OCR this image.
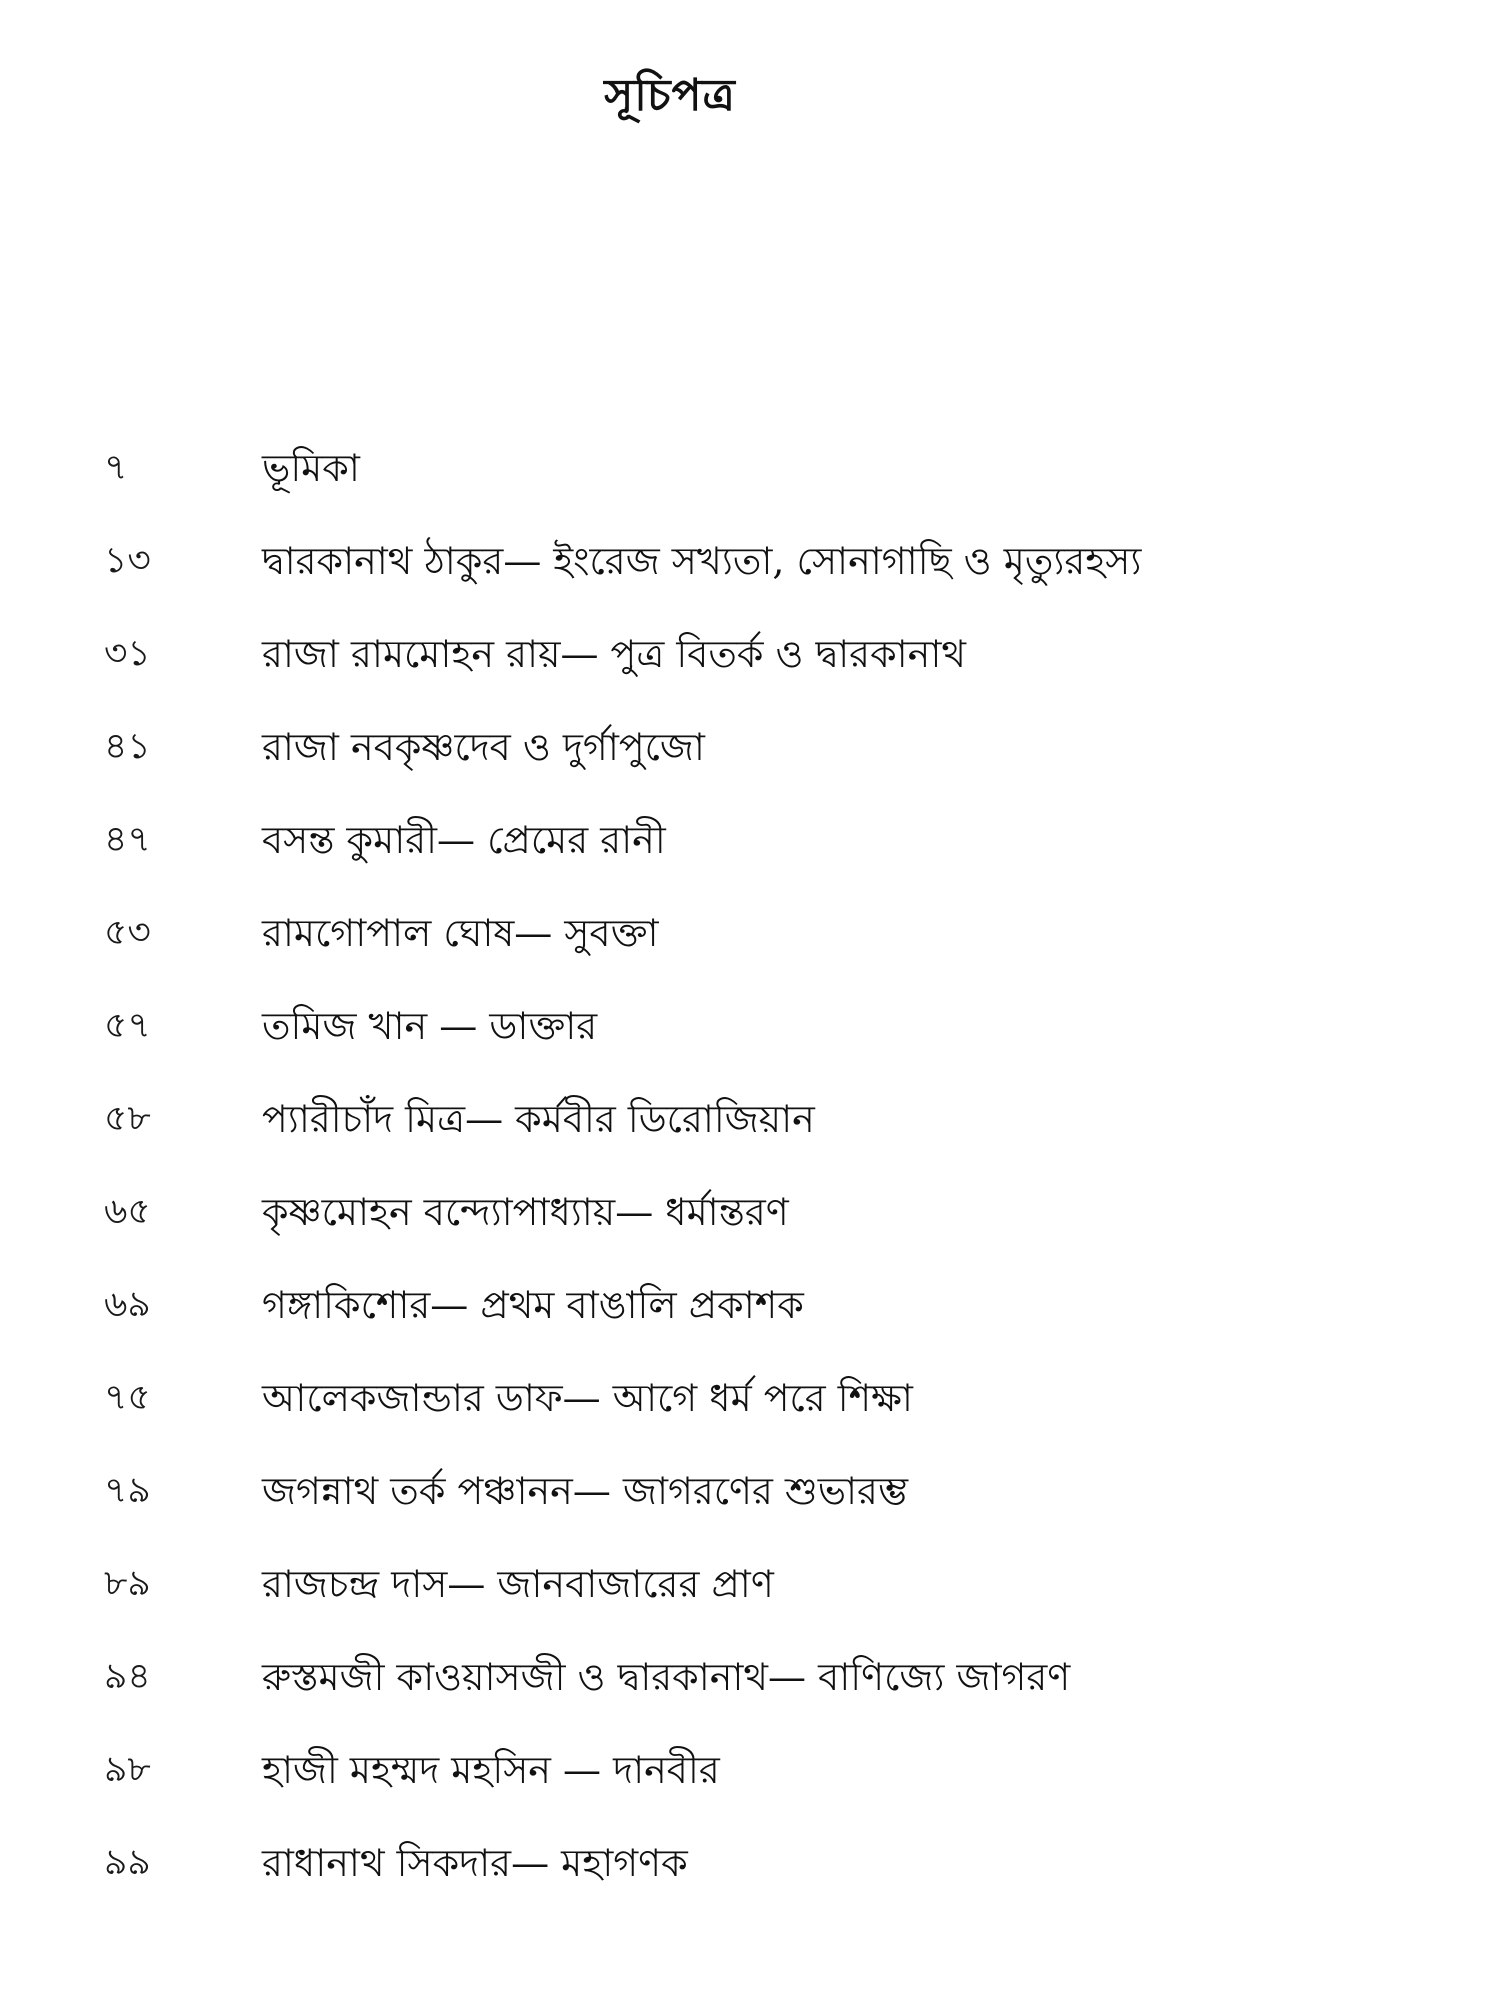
সূচিপত্র
৭	ভূমিকা
১৩	দ্বারকানাথ ঠাকুর— ইংরেজ সখ্যতা, সোনাগাছি ও মৃত্যুরহস্য
৩১	রাজা রামমোহন রায়— পুত্র বিতর্ক ও দ্বারকানাথ
৪১	রাজা নবকৃষ্ণদেব ও দুর্গাপুজো
৪৭	বসন্ত কুমারী— প্রেমের রানী
৫৩	রামগোপাল ঘোষ— সুবক্তা
৫৭	তমিজ খান — ডাক্তার
৫৮	প্যারীচাঁদ মিত্র— কর্মবীর ডিরোজিয়ান
৬৫	কৃষ্ণমোহন বন্দ্যোপাধ্যায়— ধর্মান্তরণ
৬৯	গঙ্গাকিশোর— প্রথম বাঙালি প্রকাশক
৭৫	আলেকজান্ডার ডাফ— আগে ধর্ম পরে শিক্ষা
৭৯	জগন্নাথ তর্ক পঞ্চানন— জাগরণের শুভারম্ভ
৮৯	রাজচন্দ্র দাস— জানবাজারের প্রাণ
৯৪	রুস্তমজী কাওয়াসজী ও দ্বারকানাথ— বাণিজ্যে জাগরণ
৯৮	হাজী মহম্মদ মহসিন — দানবীর
৯৯	রাধানাথ সিকদার— মহাগণক
